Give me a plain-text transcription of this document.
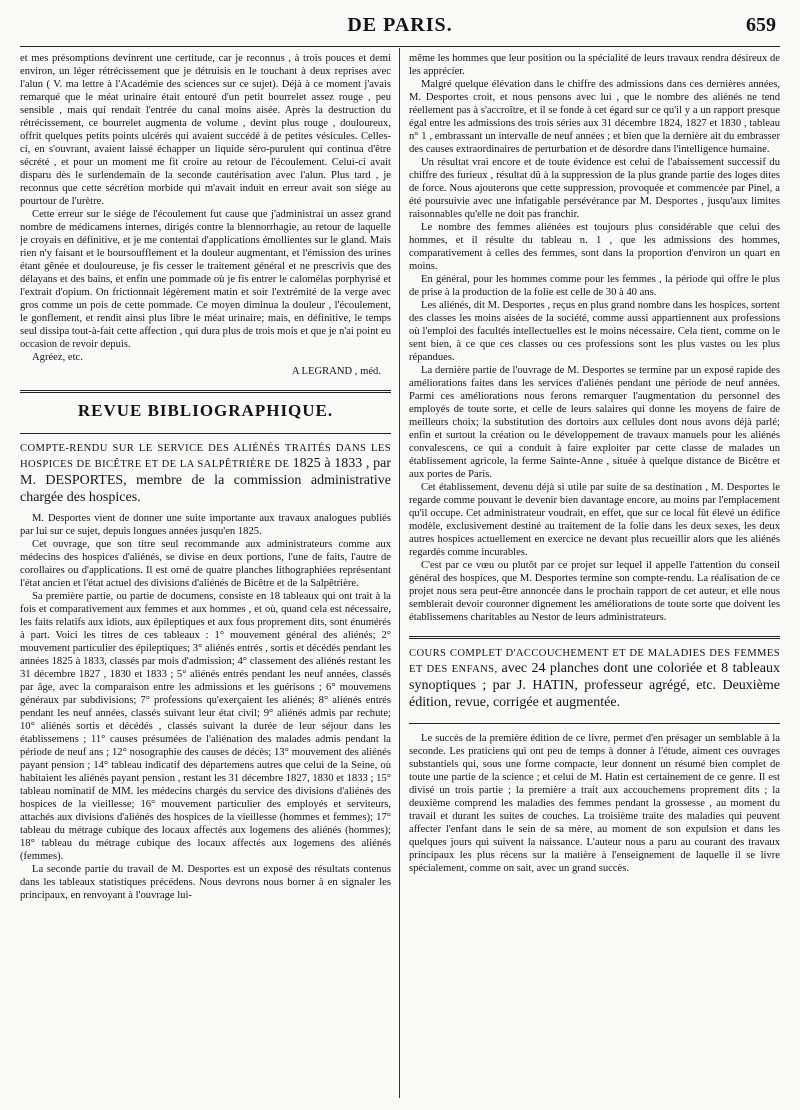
DE PARIS.	659

et mes présomptions devinrent une certitude, car je reconnus , à trois pouces et demi environ, un léger rétrécissement que je détruisis en le touchant à deux reprises avec l'alun ( V. ma lettre à l'Académie des sciences sur ce sujet). Déjà à ce moment j'avais remarqué que le méat urinaire était entouré d'un petit bourrelet assez rouge , peu sensible , mais qui rendait l'entrée du canal moins aisée. Après la destruction du rétrécissement, ce bourrelet augmenta de volume , devint plus rouge , douloureux, offrit quelques petits points ulcérés qui avaient succédé à de petites vésicules. Celles-ci, en s'ouvrant, avaient laissé échapper un liquide séro-purulent qui continua d'être sécrété , et pour un moment me fit croire au retour de l'écoulement. Celui-ci avait disparu dès le surlendemain de la seconde cautérisation avec l'alun. Plus tard , je reconnus que cette sécrétion morbide qui m'avait induit en erreur avait son siége au pourtour de l'urètre.

Cette erreur sur le siége de l'écoulement fut cause que j'administrai un assez grand nombre de médicamens internes, dirigés contre la blennorrhagie, au retour de laquelle je croyais en définitive, et je me contentai d'applications émollientes sur le gland. Mais rien n'y faisant et le boursoufflement et la douleur augmentant, et l'émission des urines étant gênée et douloureuse, je fis cesser le traitement général et ne prescrivis que des délayans et des bains, et enfin une pommade où je fis entrer le calomélas porphyrisé et l'extrait d'opium. On frictionnait légèrement matin et soir l'extrémité de la verge avec gros comme un pois de cette pommade. Ce moyen diminua la douleur , l'écoulement, le gonflement, et rendit ainsi plus libre le méat urinaire; mais, en définitive, le temps seul dissipa tout-à-fait cette affection , qui dura plus de trois mois et que je n'ai point eu occasion de revoir depuis.

Agréez, etc.

A LEGRAND , méd.
REVUE BIBLIOGRAPHIQUE.
COMPTE-RENDU SUR LE SERVICE DES ALIÉNÉS TRAITÉS DANS LES HOSPICES DE BICÊTRE ET DE LA SALPÊTRIÈRE DE 1825 à 1833 , par M. DESPORTES, membre de la commission administrative chargée des hospices.

M. Desportes vient de donner une suite importante aux travaux analogues publiés par lui sur ce sujet, depuis longues années jusqu'en 1825.

Cet ouvrage, que son titre seul recommande aux administrateurs comme aux médecins des hospices d'aliénés, se divise en deux portions, l'une de faits, l'autre de corollaires ou d'applications. Il est orné de quatre planches lithographiées représentant l'état ancien et l'état actuel des divisions d'aliénés de Bicêtre et de la Salpêtrière.

Sa première partie, ou partie de documens, consiste en 18 tableaux qui ont trait à la fois et comparativement aux femmes et aux hommes , et où, quand cela est nécessaire, les faits relatifs aux idiots, aux épileptiques et aux fous proprement dits, sont énumérés à part. Voici les titres de ces tableaux : 1° mouvement général des aliénés; 2° mouvement particulier des épileptiques; 3° aliénés entrés , sortis et décédés pendant les années 1825 à 1833, classés par mois d'admission; 4° classement des aliénés restant les 31 décembre 1827 , 1830 et 1833 ; 5° aliénés entrés pendant les neuf années, classés par âge, avec la comparaison entre les admissions et les guérisons ; 6° mouvemens généraux par subdivisions; 7° professions qu'exerçaient les aliénés; 8° aliénés entrés pendant les neuf années, classés suivant leur état civil; 9° aliénés admis par rechute; 10° aliénés sortis et décédés , classés suivant la durée de leur séjour dans les établissemens ; 11° causes présumées de l'aliénation des malades admis pendant la période de neuf ans ; 12° nosographie des causes de décès; 13° mouvement des aliénés payant pension ; 14° tableau indicatif des départemens autres que celui de la Seine, où habitaient les aliénés payant pension , restant les 31 décembre 1827, 1830 et 1833 ; 15° tableau nominatif de MM. les médecins chargés du service des divisions d'aliénés des hospices de la vieillesse; 16° mouvement particulier des employés et serviteurs, attachés aux divisions d'aliénés des hospices de la vieillesse (hommes et femmes); 17° tableau du métrage cubique des locaux affectés aux logemens des aliénés (hommes); 18° tableau du métrage cubique des locaux affectés aux logemens des aliénés (femmes).

La seconde partie du travail de M. Desportes est un exposé des résultats contenus dans les tableaux statistiques précédens. Nous devrons nous borner à en signaler les principaux, en renvoyant à l'ouvrage lui-

même les hommes que leur position ou la spécialité de leurs travaux rendra désireux de les apprécier.

Malgré quelque élévation dans le chiffre des admissions dans ces dernières années, M. Desportes croit, et nous pensons avec lui , que le nombre des aliénés ne tend réellement pas à s'accroître, et il se fonde à cet égard sur ce qu'il y a un rapport presque égal entre les admissions des trois séries aux 31 décembre 1824, 1827 et 1830 , tableau n° 1 , embrassant un intervalle de neuf années ; et bien que la dernière ait du embrasser des causes extraordinaires de perturbation et de désordre dans l'intelligence humaine.

Un résultat vrai encore et de toute évidence est celui de l'abaissement successif du chiffre des furieux , résultat dû à la suppression de la plus grande partie des loges dites de force. Nous ajouterons que cette suppression, provoquée et commencée par Pinel, a été poursuivie avec une infatigable persévérance par M. Desportes , jusqu'aux limites raisonnables qu'elle ne doit pas franchir.

Le nombre des femmes aliénées est toujours plus considérable que celui des hommes, et il résulte du tableau n. 1 , que les admissions des hommes, comparativement à celles des femmes, sont dans la proportion d'environ un quart en moins.

En général, pour les hommes comme pour les femmes , la période qui offre le plus de prise à la production de la folie est celle de 30 à 40 ans.

Les aliénés, dit M. Desportes , reçus en plus grand nombre dans les hospices, sortent des classes les moins aisées de la société, comme aussi appartiennent aux professions où l'emploi des facultés intellectuelles est le moins nécessaire. Cela tient, comme on le sent bien, à ce que ces classes ou ces professions sont les plus vastes ou les plus répandues.

La dernière partie de l'ouvrage de M. Desportes se termine par un exposé rapide des améliorations faites dans les services d'aliénés pendant une période de neuf années. Parmi ces améliorations nous ferons remarquer l'augmentation du personnel des employés de toute sorte, et celle de leurs salaires qui donne les moyens de faire de meilleurs choix; la substitution des dortoirs aux cellules dont nous avons déjà parlé; enfin et surtout la création ou le développement de travaux manuels pour les aliénés convalescens, ce qui a conduit à faire exploiter par cette classe de malades un établissement agricole, la ferme Sainte-Anne , située à quelque distance de Bicêtre et aux portes de Paris.

Cet établissement, devenu déjà si utile par suite de sa destination , M. Desportes le regarde comme pouvant le devenir bien davantage encore, au moins par l'emplacement qu'il occupe. Cet administrateur voudrait, en effet, que sur ce local fût élevé un édifice modèle, exclusivement destiné au traitement de la folie dans les deux sexes, les deux autres hospices actuellement en exercice ne devant plus recueillir alors que les aliénés regardés comme incurables.

C'est par ce vœu ou plutôt par ce projet sur lequel il appelle l'attention du conseil général des hospices, que M. Desportes termine son compte-rendu. La réalisation de ce projet nous sera peut-être annoncée dans le prochain rapport de cet auteur, et elle nous semblerait devoir couronner dignement les améliorations de toute sorte que doivent les établissemens charitables au Nestor de leurs administrateurs.

COURS COMPLET D'ACCOUCHEMENT ET DE MALADIES DES FEMMES ET DES ENFANS, avec 24 planches dont une coloriée et 8 tableaux synoptiques ; par J. HATIN, professeur agrégé, etc. Deuxième édition, revue, corrigée et augmentée.

Le succès de la première édition de ce livre, permet d'en présager un semblable à la seconde. Les praticiens qui ont peu de temps à donner à l'étude, aiment ces ouvrages substantiels qui, sous une forme compacte, leur donnent un résumé bien complet de toute une partie de la science ; et celui de M. Hatin est certainement de ce genre. Il est divisé un trois partie ; la première a trait aux accouchemens proprement dits ; la deuxième comprend les maladies des femmes pendant la grossesse , au moment du travail et durant les suites de couches. La troisième traite des maladies qui peuvent affecter l'enfant dans le sein de sa mère, au moment de son expulsion et dans les quelques jours qui suivent la naissance. L'auteur nous a paru au courant des travaux principaux les plus récens sur la matière à l'enseignement de laquelle il se livre spécialement, comme on sait, avec un grand succès.
